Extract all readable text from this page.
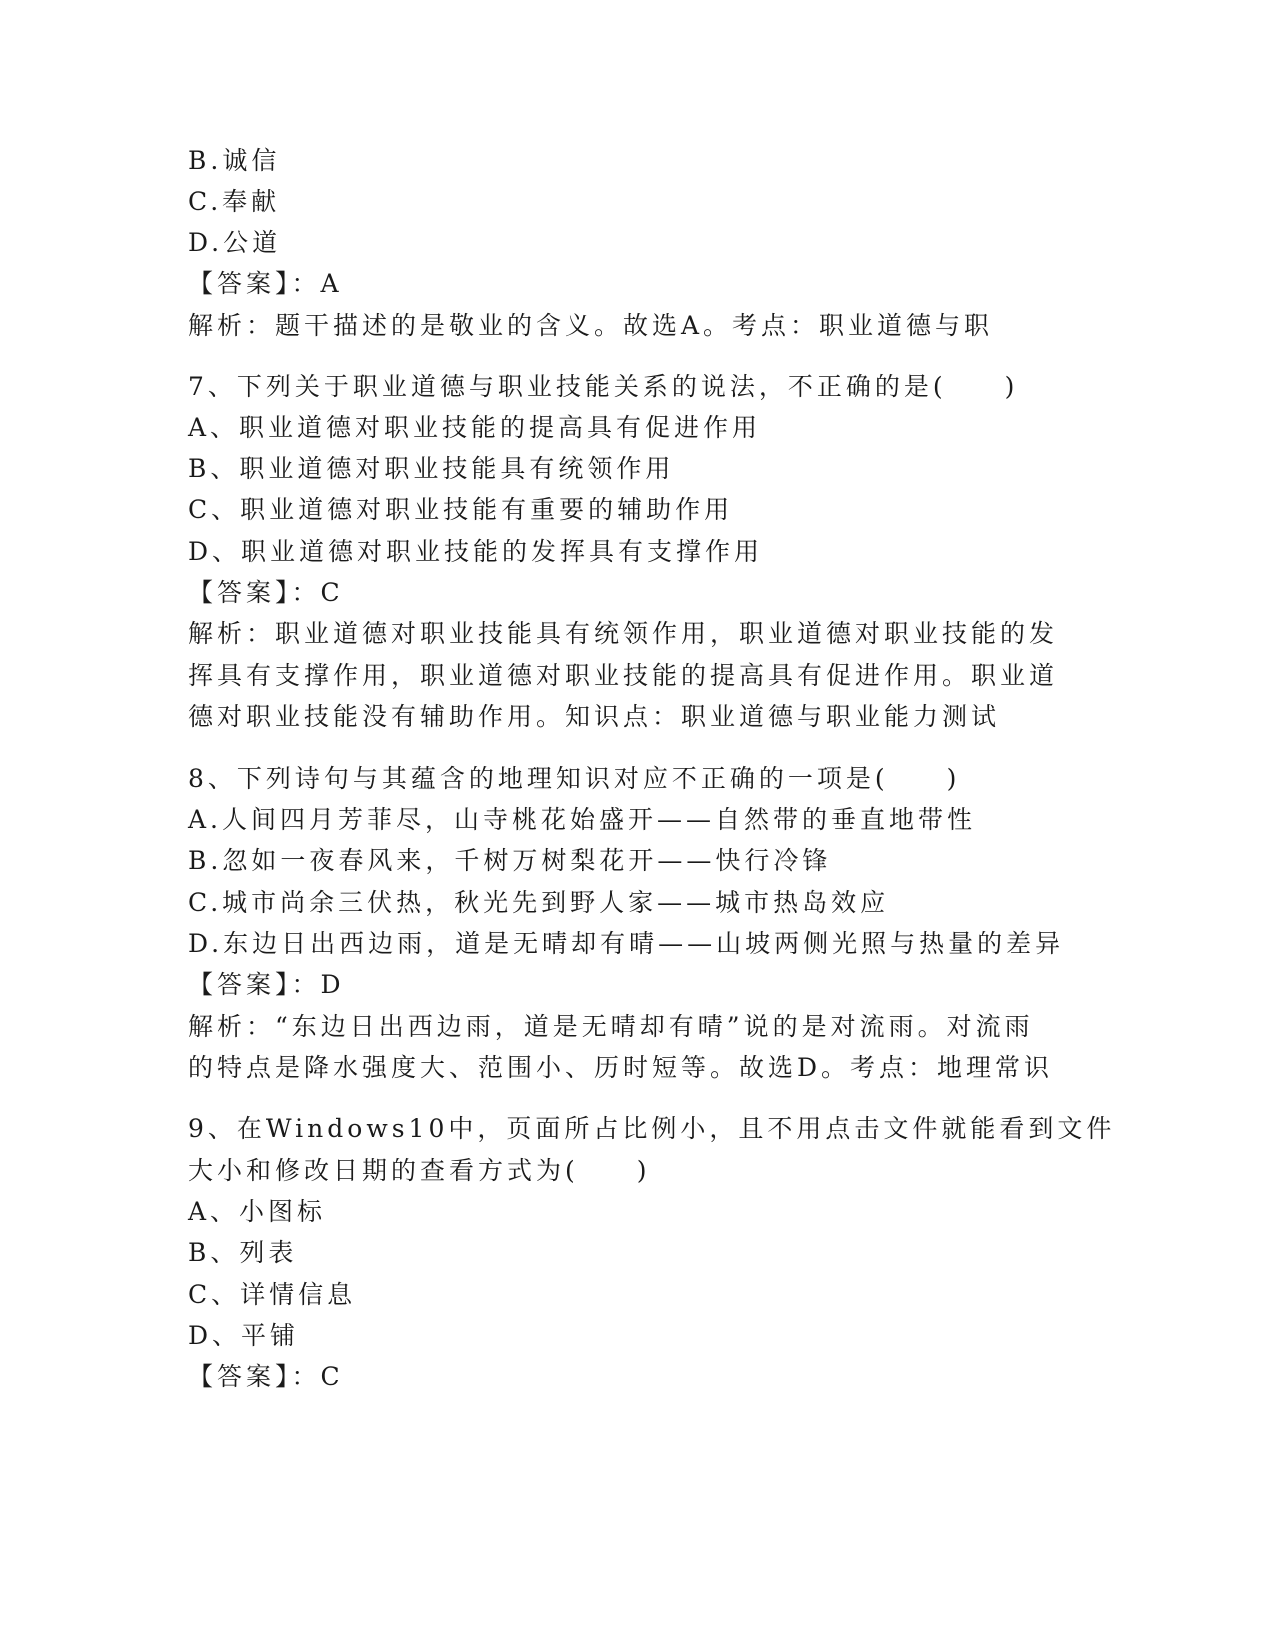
B.诚信
C.奉献
D.公道
【答案】：A
解析：题干描述的是敬业的含义。故选A。考点：职业道德与职
7、下列关于职业道德与职业技能关系的说法，不正确的是(　　)
A、职业道德对职业技能的提高具有促进作用
B、职业道德对职业技能具有统领作用
C、职业道德对职业技能有重要的辅助作用
D、职业道德对职业技能的发挥具有支撑作用
【答案】：C
解析：职业道德对职业技能具有统领作用，职业道德对职业技能的发
挥具有支撑作用，职业道德对职业技能的提高具有促进作用。职业道
德对职业技能没有辅助作用。知识点：职业道德与职业能力测试
8、下列诗句与其蕴含的地理知识对应不正确的一项是(　　)
A.人间四月芳菲尽，山寺桃花始盛开——自然带的垂直地带性
B.忽如一夜春风来，千树万树梨花开——快行冷锋
C.城市尚余三伏热，秋光先到野人家——城市热岛效应
D.东边日出西边雨，道是无晴却有晴——山坡两侧光照与热量的差异
【答案】：D
解析：“东边日出西边雨，道是无晴却有晴”说的是对流雨。对流雨
的特点是降水强度大、范围小、历时短等。故选D。考点：地理常识
9、在Windows10中，页面所占比例小，且不用点击文件就能看到文件
大小和修改日期的查看方式为(　　)
A、小图标
B、列表
C、详情信息
D、平铺
【答案】：C
